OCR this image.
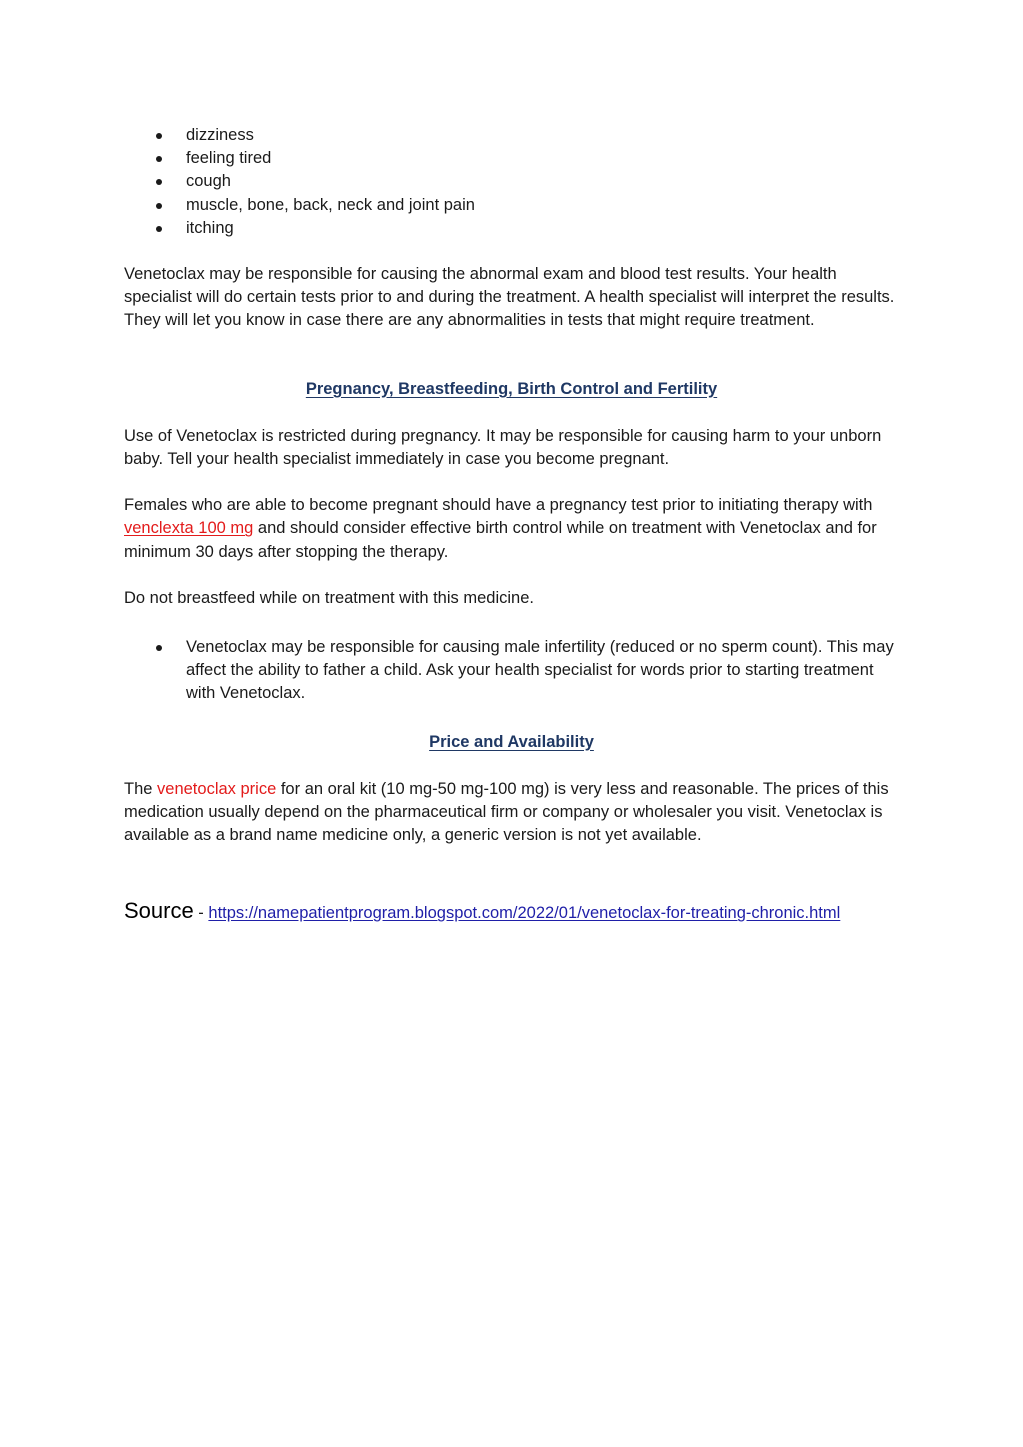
dizziness
feeling tired
cough
muscle, bone, back, neck and joint pain
itching

Venetoclax may be responsible for causing the abnormal exam and blood test results. Your health specialist will do certain tests prior to and during the treatment. A health specialist will interpret the results. They will let you know in case there are any abnormalities in tests that might require treatment.

Pregnancy, Breastfeeding, Birth Control and Fertility

Use of Venetoclax is restricted during pregnancy. It may be responsible for causing harm to your unborn baby. Tell your health specialist immediately in case you become pregnant.

Females who are able to become pregnant should have a pregnancy test prior to initiating therapy with venclexta 100 mg and should consider effective birth control while on treatment with Venetoclax and for minimum 30 days after stopping the therapy.

Do not breastfeed while on treatment with this medicine.

Venetoclax may be responsible for causing male infertility (reduced or no sperm count). This may affect the ability to father a child. Ask your health specialist for words prior to starting treatment with Venetoclax.

Price and Availability

The venetoclax price for an oral kit (10 mg-50 mg-100 mg) is very less and reasonable. The prices of this medication usually depend on the pharmaceutical firm or company or wholesaler you visit. Venetoclax is available as a brand name medicine only, a generic version is not yet available.

Source - https://namepatientprogram.blogspot.com/2022/01/venetoclax-for-treating-chronic.html
